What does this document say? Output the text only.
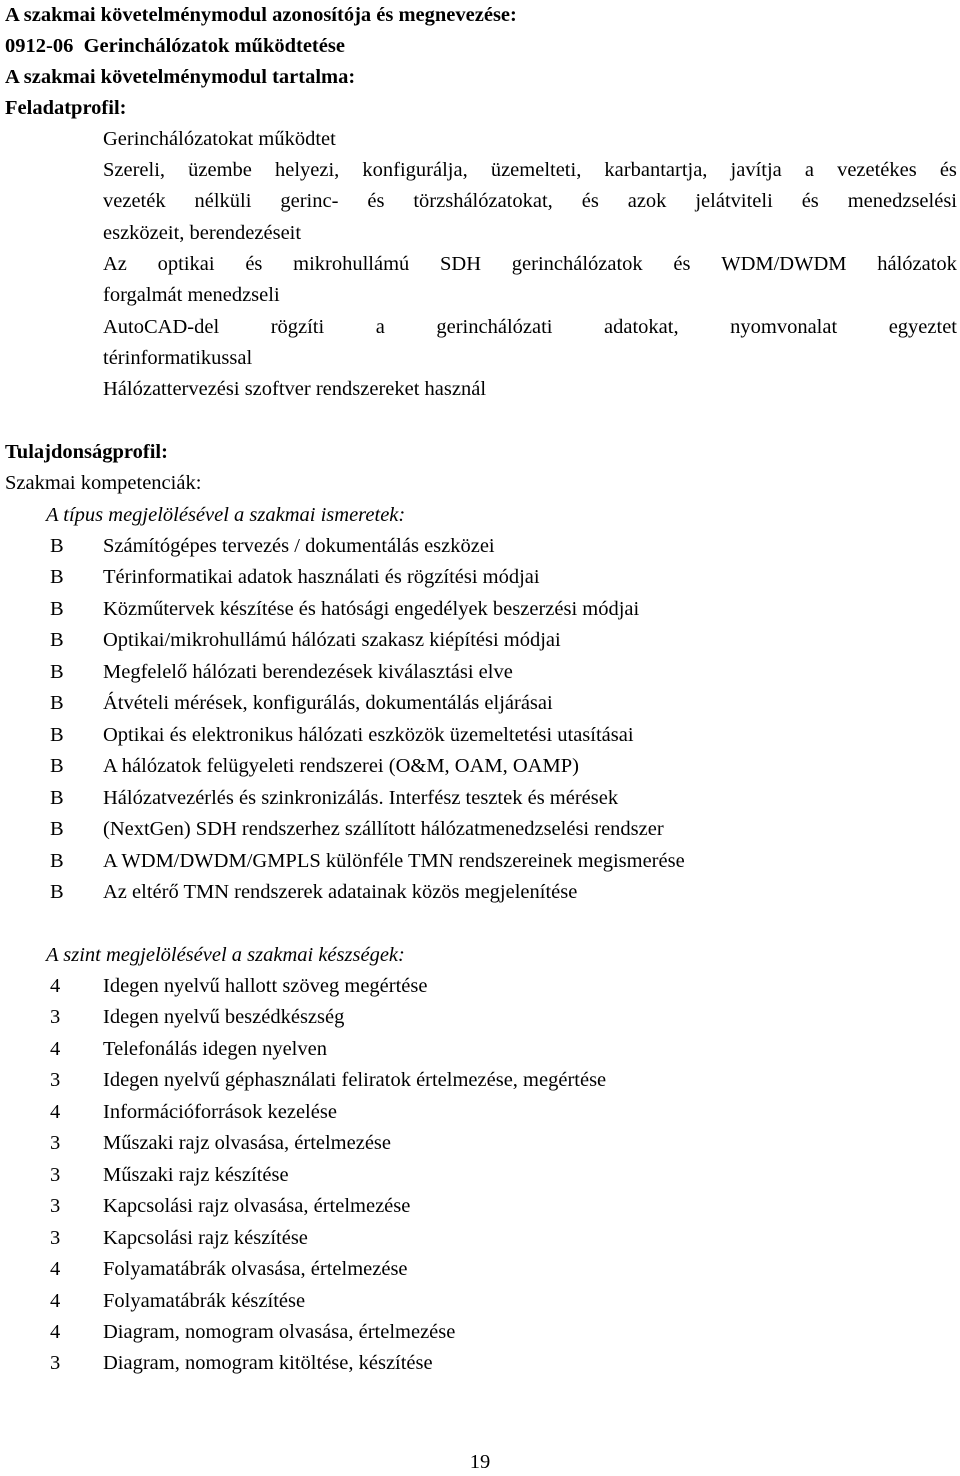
A szakmai követelménymodul azonosítója és megnevezése:
0912-06 Gerinchálózatok működtetése
A szakmai követelménymodul tartalma:
Feladatprofil:
Gerinchálózatokat működtet
Szereli, üzembe helyezi, konfigurálja, üzemelteti, karbantartja, javítja a vezetékes és
vezeték nélküli gerinc- és törzshálózatokat, és azok jelátviteli és menedzselési
eszközeit, berendezéseit
Az optikai és mikrohullámú SDH gerinchálózatok és WDM/DWDM hálózatok
forgalmát menedzseli
AutoCAD-del	rögzíti	a	gerinchálózati	adatokat,	nyomvonalat	egyeztet
térinformatikussal
Hálózattervezési szoftver rendszereket használ
Tulajdonságprofil:
Szakmai kompetenciák:
A típus megjelölésével a szakmai ismeretek:
B Számítógépes tervezés / dokumentálás eszközei
B Térinformatikai adatok használati és rögzítési módjai
B Közműtervek készítése és hatósági engedélyek beszerzési módjai
B Optikai/mikrohullámú hálózati szakasz kiépítési módjai
B Megfelelő hálózati berendezések kiválasztási elve
B Átvételi mérések, konfigurálás, dokumentálás eljárásai
B Optikai és elektronikus hálózati eszközök üzemeltetési utasításai
B A hálózatok felügyeleti rendszerei (O&M, OAM, OAMP)
B Hálózatvezérlés és szinkronizálás. Interfész tesztek és mérések
B (NextGen) SDH rendszerhez szállított hálózatmenedzselési rendszer
B A WDM/DWDM/GMPLS különféle TMN rendszereinek megismerése
B Az eltérő TMN rendszerek adatainak közös megjelenítése
A szint megjelölésével a szakmai készségek:
4 Idegen nyelvű hallott szöveg megértése
3 Idegen nyelvű beszédkészség
4 Telefonálás idegen nyelven
3 Idegen nyelvű géphasználati feliratok értelmezése, megértése
4 Információforrások kezelése
3 Műszaki rajz olvasása, értelmezése
3 Műszaki rajz készítése
3 Kapcsolási rajz olvasása, értelmezése
3 Kapcsolási rajz készítése
4 Folyamatábrák olvasása, értelmezése
4 Folyamatábrák készítése
4 Diagram, nomogram olvasása, értelmezése
3 Diagram, nomogram kitöltése, készítése
19
